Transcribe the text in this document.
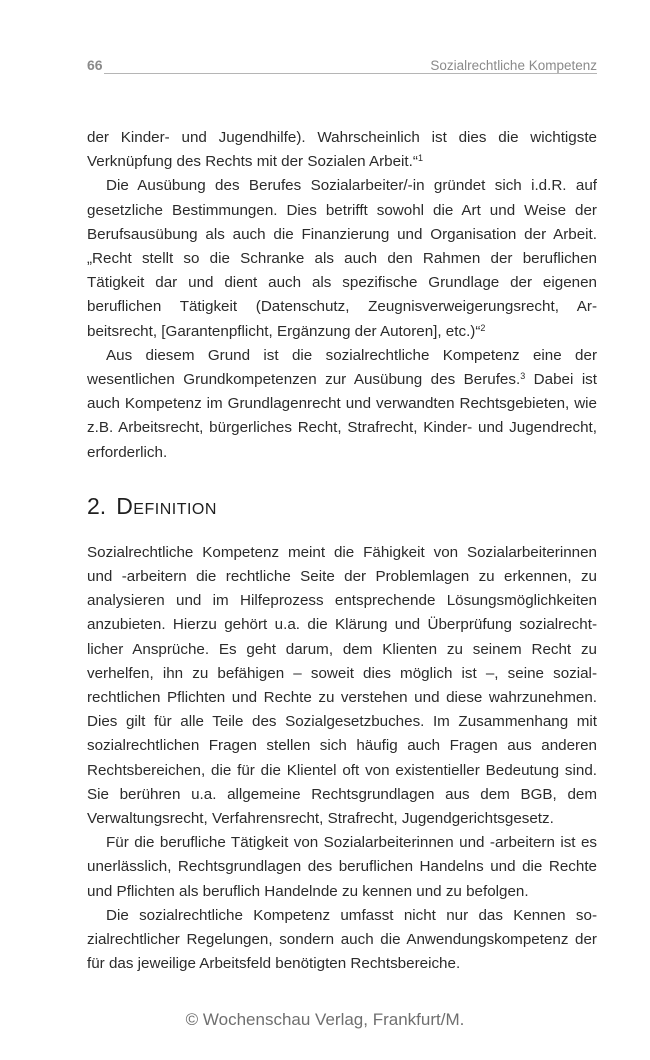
66	Sozialrechtliche Kompetenz

der Kinder- und Jugendhilfe). Wahrscheinlich ist dies die wichtigste Verknüpfung des Rechts mit der Sozialen Arbeit.“$^1$

Die Ausübung des Berufes Sozialarbeiter/-in gründet sich i.d.R. auf gesetzliche Bestimmungen. Dies betrifft sowohl die Art und Weise der Berufsausübung als auch die Finanzierung und Organisation der Arbeit. „Recht stellt so die Schranke als auch den Rahmen der beruflichen Tätigkeit dar und dient auch als spezifische Grundlage der eigenen beruflichen Tätigkeit (Datenschutz, Zeugnisverweigerungsrecht, Arbeitsrecht, [Garantenpflicht, Ergänzung der Autoren], etc.)“$^2$

Aus diesem Grund ist die sozialrechtliche Kompetenz eine der wesentlichen Grundkompetenzen zur Ausübung des Berufes.$^3$ Dabei ist auch Kompetenz im Grundlagenrecht und verwandten Rechtsgebieten, wie z.B. Arbeitsrecht, bürgerliches Recht, Strafrecht, Kinder- und Jugendrecht, erforderlich.

2. Definition

Sozialrechtliche Kompetenz meint die Fähigkeit von Sozialarbeiterinnen und -arbeitern die rechtliche Seite der Problemlagen zu erkennen, zu analysieren und im Hilfeprozess entsprechende Lösungsmöglichkeiten anzubieten. Hierzu gehört u.a. die Klärung und Überprüfung sozialrechtlicher Ansprüche. Es geht darum, dem Klienten zu seinem Recht zu verhelfen, ihn zu befähigen – soweit dies möglich ist –, seine sozialrechtlichen Pflichten und Rechte zu verstehen und diese wahrzunehmen. Dies gilt für alle Teile des Sozialgesetzbuches. Im Zusammenhang mit sozialrechtlichen Fragen stellen sich häufig auch Fragen aus anderen Rechtsbereichen, die für die Klientel oft von existentieller Bedeutung sind. Sie berühren u.a. allgemeine Rechtsgrundlagen aus dem BGB, dem Verwaltungsrecht, Verfahrensrecht, Strafrecht, Jugendgerichtsgesetz.

Für die berufliche Tätigkeit von Sozialarbeiterinnen und -arbeitern ist es unerlässlich, Rechtsgrundlagen des beruflichen Handelns und die Rechte und Pflichten als beruflich Handelnde zu kennen und zu befolgen.

Die sozialrechtliche Kompetenz umfasst nicht nur das Kennen sozialrechtlicher Regelungen, sondern auch die Anwendungskompetenz der für das jeweilige Arbeitsfeld benötigten Rechtsbereiche.

© Wochenschau Verlag, Frankfurt/M.
